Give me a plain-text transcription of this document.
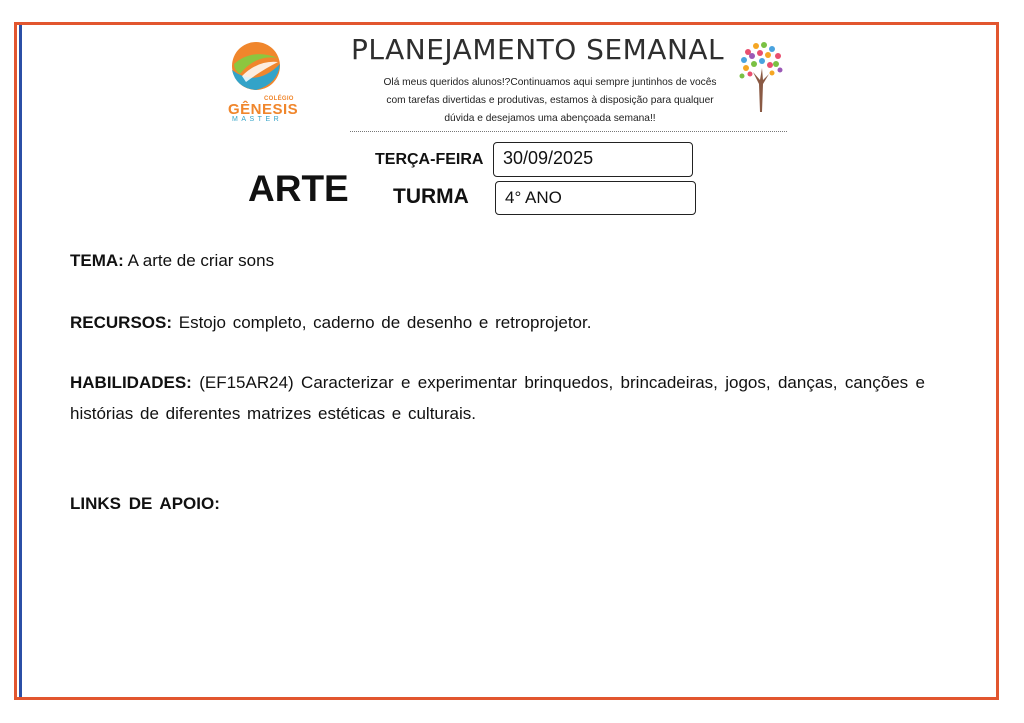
COLÉGIO
GÊNESIS
MASTER
PLANEJAMENTO SEMANAL
Olá meus queridos alunos!?Continuamos aqui sempre juntinhos de vocês
com tarefas divertidas e produtivas, estamos à disposição para qualquer
dúvida e desejamos uma abençoada semana!!
ARTE
TERÇA-FEIRA	30/09/2025
TURMA	4° ANO
TEMA: A arte de criar sons
RECURSOS: Estojo completo, caderno de desenho e retroprojetor.
HABILIDADES: (EF15AR24) Caracterizar e experimentar brinquedos, brincadeiras, jogos, danças, canções e histórias de diferentes matrizes estéticas e culturais.
LINKS DE APOIO:
